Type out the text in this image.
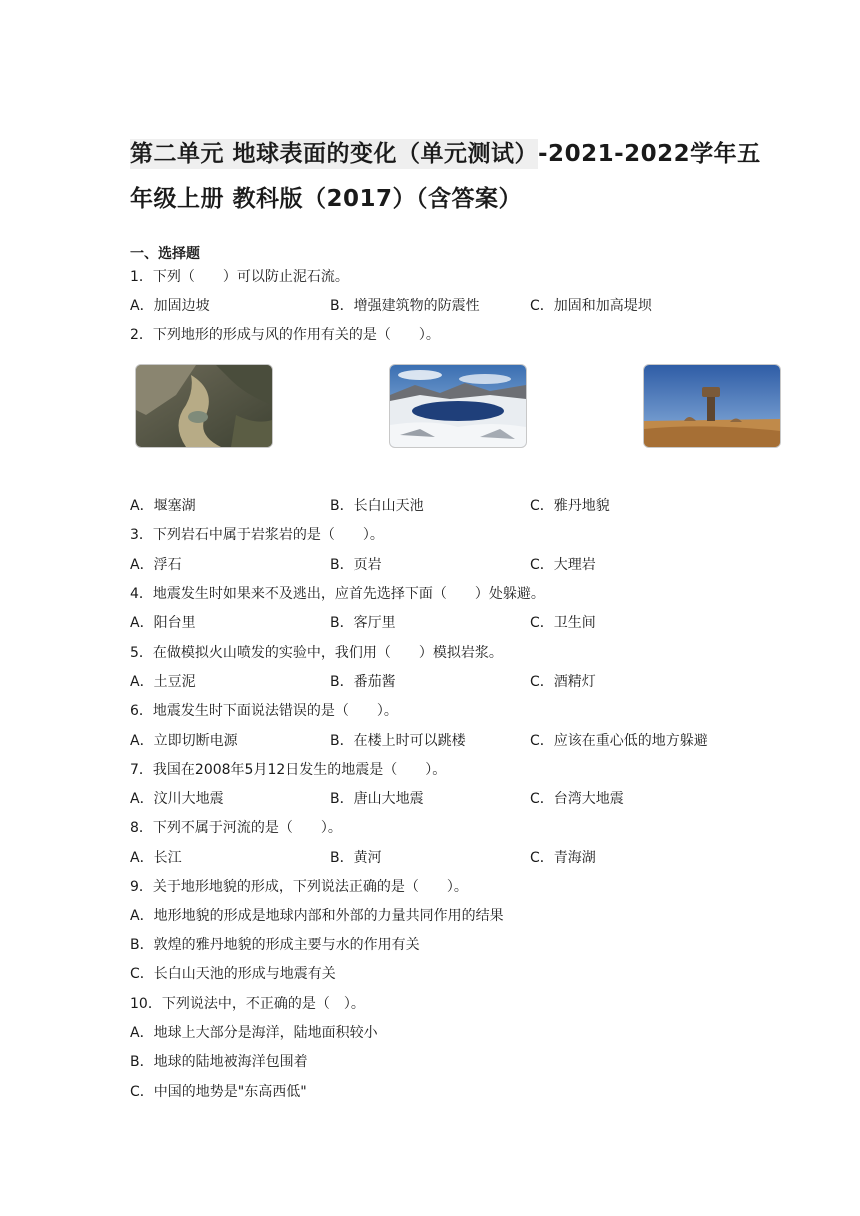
第二单元 地球表面的变化（单元测试）-2021-2022学年五
年级上册 教科版（2017）（含答案）
一、选择题
1．下列（　　）可以防止泥石流。
A．加固边坡	B．增强建筑物的防震性	C．加固和加高堤坝
2．下列地形的形成与风的作用有关的是（　　）。
A．堰塞湖	B．长白山天池	C．雅丹地貌
3．下列岩石中属于岩浆岩的是（　　）。
A．浮石	B．页岩	C．大理岩
4．地震发生时如果来不及逃出，应首先选择下面（　　）处躲避。
A．阳台里	B．客厅里	C．卫生间
5．在做模拟火山喷发的实验中，我们用（　　）模拟岩浆。
A．土豆泥	B．番茄酱	C．酒精灯
6．地震发生时下面说法错误的是（　　）。
A．立即切断电源	B．在楼上时可以跳楼	C．应该在重心低的地方躲避
7．我国在2008年5月12日发生的地震是（　　）。
A．汶川大地震	B．唐山大地震	C．台湾大地震
8．下列不属于河流的是（　　）。
A．长江	B．黄河	C．青海湖
9．关于地形地貌的形成，下列说法正确的是（　　）。
A．地形地貌的形成是地球内部和外部的力量共同作用的结果
B．敦煌的雅丹地貌的形成主要与水的作用有关
C．长白山天池的形成与地震有关
10．下列说法中，不正确的是（　）。
A．地球上大部分是海洋，陆地面积较小
B．地球的陆地被海洋包围着
C．中国的地势是"东高西低"
